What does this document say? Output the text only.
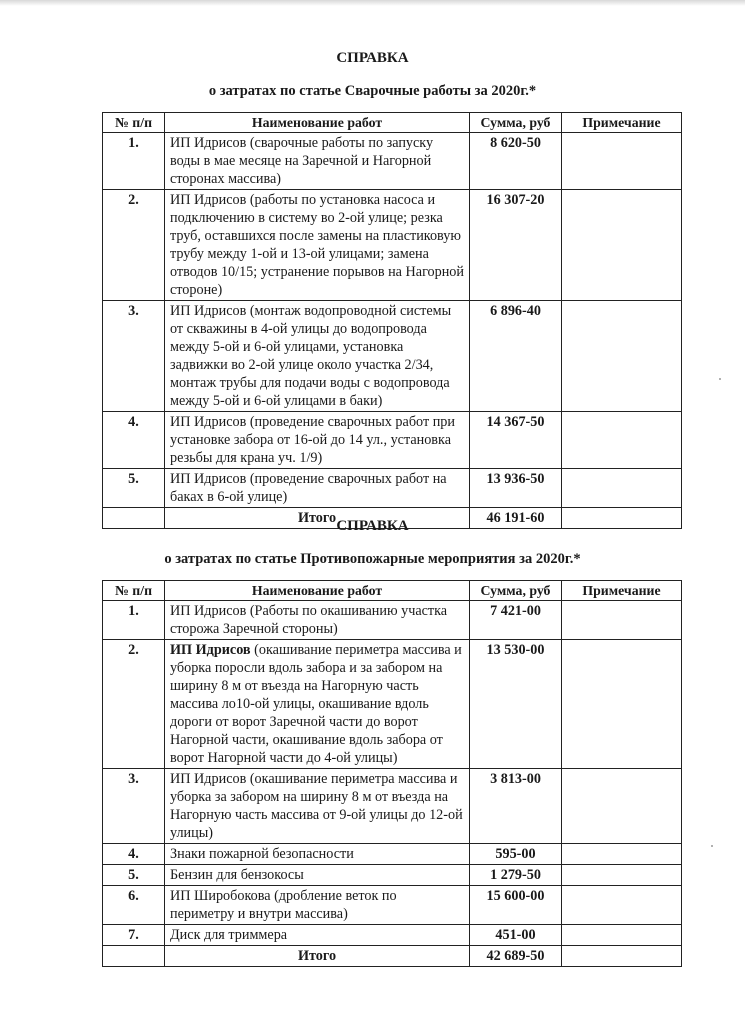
СПРАВКА
о затратах по статье Сварочные работы за 2020г.*
№ п/п	Наименование работ	Сумма, руб	Примечание
1.	ИП Идрисов (сварочные работы по запуску воды в мае месяце на Заречной и Нагорной сторонах массива)	8 620-50	
2.	ИП Идрисов (работы по установка насоса и подключению в систему во 2-ой улице; резка труб, оставшихся после замены на пластиковую трубу между 1-ой и 13-ой улицами; замена отводов 10/15; устранение порывов на Нагорной стороне)	16 307-20	
3.	ИП Идрисов (монтаж водопроводной системы от скважины в 4-ой улицы до водопровода между 5-ой и 6-ой улицами, установка задвижки во 2-ой улице около участка 2/34, монтаж трубы для подачи воды с водопровода между 5-ой и 6-ой улицами в баки)	6 896-40	
4.	ИП Идрисов (проведение сварочных работ при установке забора от 16-ой до 14 ул., установка резьбы для крана уч. 1/9)	14 367-50	
5.	ИП Идрисов (проведение сварочных работ на баках в 6-ой улице)	13 936-50	
	Итого	46 191-60	
СПРАВКА
о затратах по статье Противопожарные мероприятия за 2020г.*
№ п/п	Наименование работ	Сумма, руб	Примечание
1.	ИП Идрисов (Работы по окашиванию участка сторожа Заречной стороны)	7 421-00	
2.	ИП Идрисов (окашивание периметра массива и уборка поросли вдоль забора и за забором на ширину 8 м от въезда на Нагорную часть массива ло10-ой улицы, окашивание вдоль дороги от ворот Заречной части до ворот Нагорной части, окашивание вдоль забора от ворот Нагорной части до 4-ой улицы)	13 530-00	
3.	ИП Идрисов (окашивание периметра массива и уборка за забором на ширину 8 м от въезда на Нагорную часть массива от 9-ой улицы до 12-ой улицы)	3 813-00	
4.	Знаки пожарной безопасности	595-00	
5.	Бензин для бензокосы	1 279-50	
6.	ИП Широбокова (дробление веток по периметру и внутри массива)	15 600-00	
7.	Диск для триммера	451-00	
	Итого	42 689-50	
